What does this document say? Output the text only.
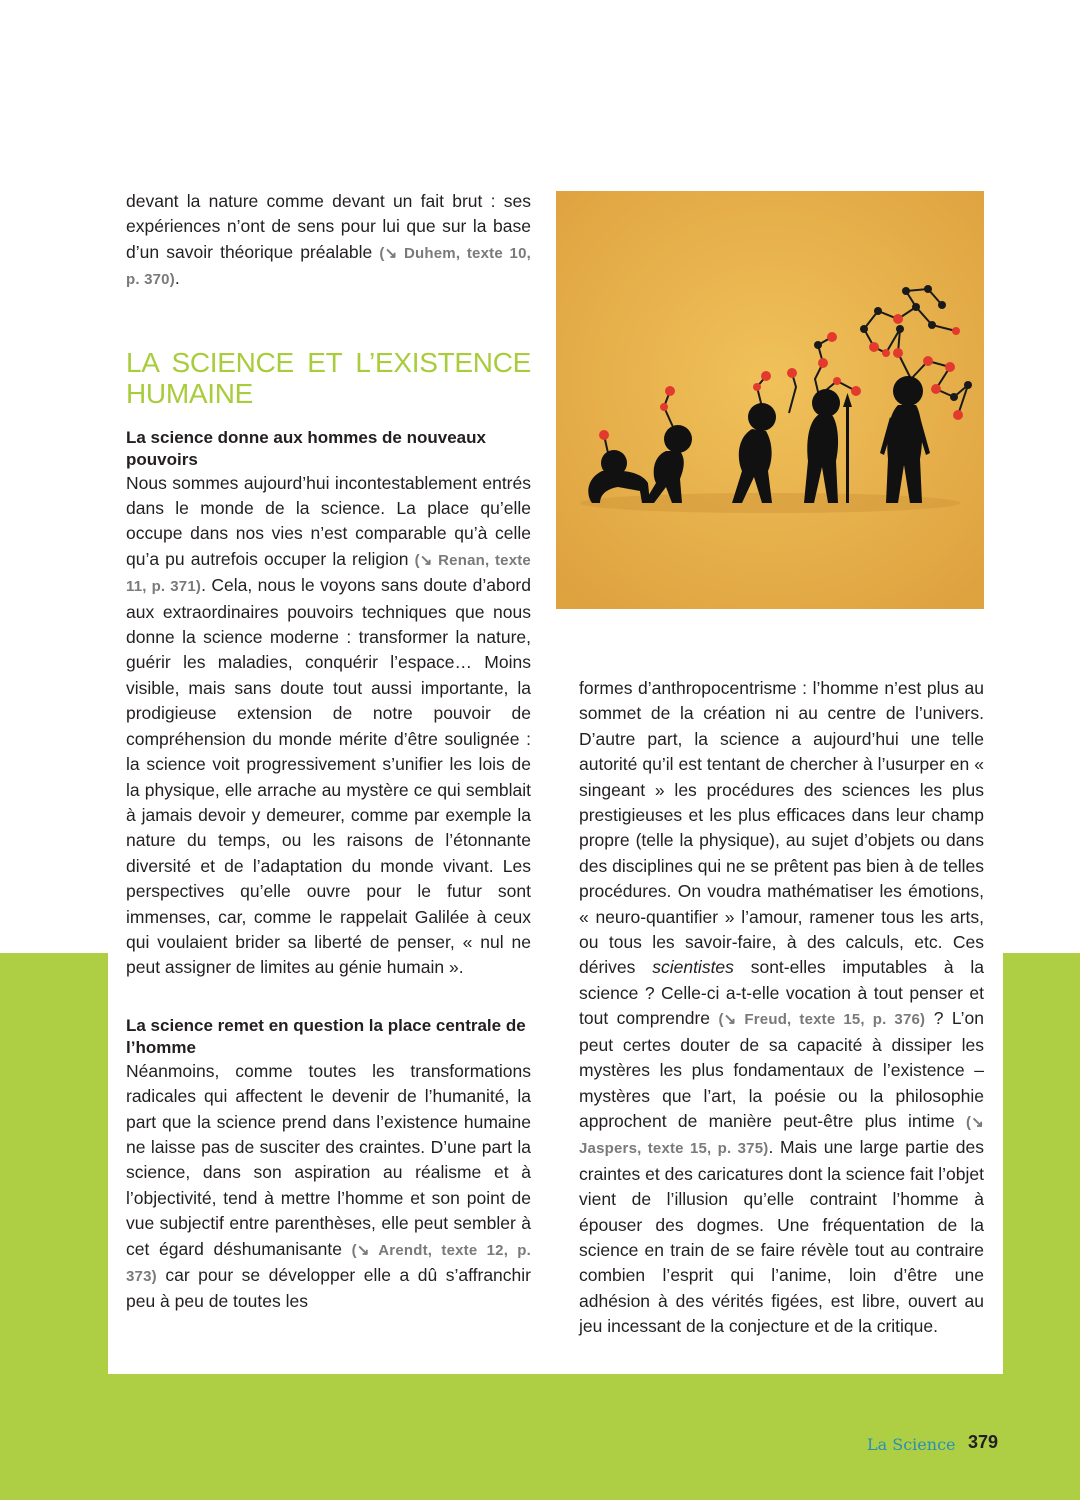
devant la nature comme devant un fait brut : ses expériences n’ont de sens pour lui que sur la base d’un savoir théorique préalable (↘ Duhem, texte 10, p. 370).

LA SCIENCE ET L’EXISTENCE HUMAINE
La science donne aux hommes de nouveaux pouvoirs

Nous sommes aujourd’hui incontestablement entrés dans le monde de la science. La place qu’elle occupe dans nos vies n’est comparable qu’à celle qu’a pu autrefois occuper la religion (↘ Renan, texte 11, p. 371). Cela, nous le voyons sans doute d’abord aux extraordinaires pouvoirs techniques que nous donne la science moderne : transformer la nature, guérir les maladies, conquérir l’espace… Moins visible, mais sans doute tout aussi importante, la prodigieuse extension de notre pouvoir de compréhension du monde mérite d’être soulignée : la science voit progressivement s’unifier les lois de la physique, elle arrache au mystère ce qui semblait à jamais devoir y demeurer, comme par exemple la nature du temps, ou les raisons de l’étonnante diversité et de l’adaptation du monde vivant. Les perspectives qu’elle ouvre pour le futur sont immenses, car, comme le rappelait Galilée à ceux qui voulaient brider sa liberté de penser, « nul ne peut assigner de limites au génie humain ».

La science remet en question la place centrale de l’homme

Néanmoins, comme toutes les transformations radicales qui affectent le devenir de l’humanité, la part que la science prend dans l’existence humaine ne laisse pas de susciter des craintes. D’une part la science, dans son aspiration au réalisme et à l’objectivité, tend à mettre l’homme et son point de vue subjectif entre parenthèses, elle peut sembler à cet égard déshumanisante (↘ Arendt, texte 12, p. 373) car pour se développer elle a dû s’affranchir peu à peu de toutes les

formes d’anthropocentrisme : l’homme n’est plus au sommet de la création ni au centre de l’univers. D’autre part, la science a aujourd’hui une telle autorité qu’il est tentant de chercher à l’usurper en « singeant » les procédures des sciences les plus prestigieuses et les plus efficaces dans leur champ propre (telle la physique), au sujet d’objets ou dans des disciplines qui ne se prêtent pas bien à de telles procédures. On voudra mathématiser les émotions, « neuro-quantifier » l’amour, ramener tous les arts, ou tous les savoir-faire, à des calculs, etc. Ces dérives scientistes sont-elles imputables à la science ? Celle-ci a-t-elle vocation à tout penser et tout comprendre (↘ Freud, texte 15, p. 376) ? L’on peut certes douter de sa capacité à dissiper les mystères les plus fondamentaux de l’existence – mystères que l’art, la poésie ou la philosophie approchent de manière peut-être plus intime (↘ Jaspers, texte 15, p. 375). Mais une large partie des craintes et des caricatures dont la science fait l’objet vient de l’illusion qu’elle contraint l’homme à épouser des dogmes. Une fréquentation de la science en train de se faire révèle tout au contraire combien l’esprit qui l’anime, loin d’être une adhésion à des vérités figées, est libre, ouvert au jeu incessant de la conjecture et de la critique.

La Science 379
